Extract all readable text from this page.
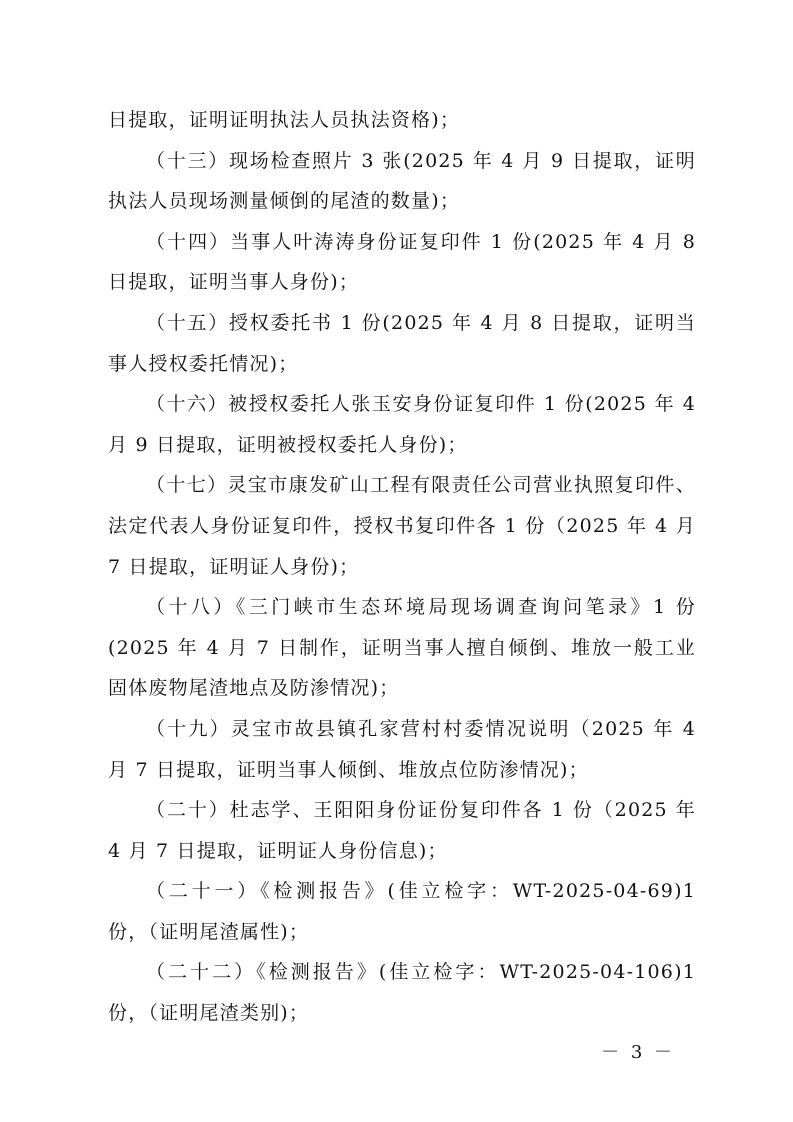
日提取，证明证明执法人员执法资格)；

（十三）现场检查照片 3 张(2025 年 4 月 9 日提取，证明执法人员现场测量倾倒的尾渣的数量)；

（十四）当事人叶涛涛身份证复印件 1 份(2025 年 4 月 8 日提取，证明当事人身份)；

（十五）授权委托书 1 份(2025 年 4 月 8 日提取，证明当事人授权委托情况)；

（十六）被授权委托人张玉安身份证复印件 1 份(2025 年 4 月 9 日提取，证明被授权委托人身份)；

（十七）灵宝市康发矿山工程有限责任公司营业执照复印件、法定代表人身份证复印件，授权书复印件各 1 份（2025 年 4 月 7 日提取，证明证人身份)；

（十八）《三门峡市生态环境局现场调查询问笔录》1 份(2025 年 4 月 7 日制作，证明当事人擅自倾倒、堆放一般工业固体废物尾渣地点及防渗情况)；

（十九）灵宝市故县镇孔家营村村委情况说明（2025 年 4 月 7 日提取，证明当事人倾倒、堆放点位防渗情况)；

（二十）杜志学、王阳阳身份证份复印件各 1 份（2025 年 4 月 7 日提取，证明证人身份信息)；

（二十一）《检测报告》(佳立检字：WT-2025-04-69)1 份，（证明尾渣属性)；

（二十二）《检测报告》(佳立检字：WT-2025-04-106)1 份，（证明尾渣类别)；

－ 3 －
